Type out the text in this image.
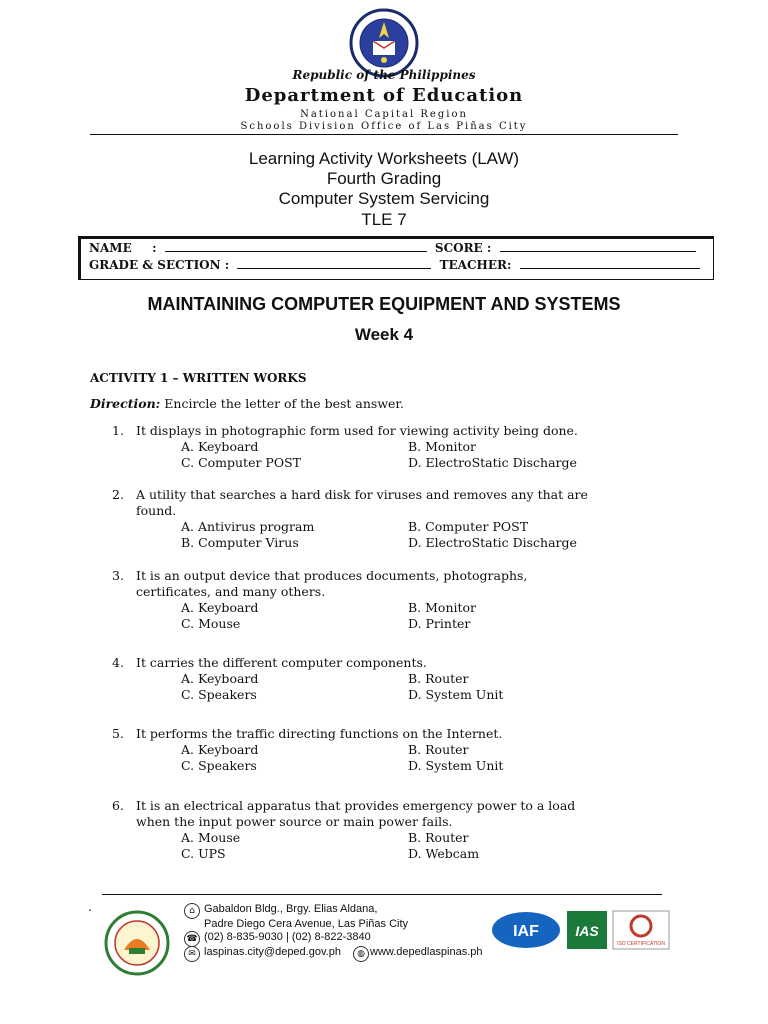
Republic of the Philippines
Department of Education
National Capital Region
Schools Division Office of Las Piñas City
Learning Activity Worksheets (LAW)
Fourth Grading
Computer System Servicing
TLE 7
NAME :	SCORE :
GRADE & SECTION :	TEACHER:
MAINTAINING COMPUTER EQUIPMENT AND SYSTEMS
Week 4
ACTIVITY 1 – WRITTEN WORKS
Direction: Encircle the letter of the best answer.
1. It displays in photographic form used for viewing activity being done.
A. Keyboard	B. Monitor
C. Computer POST	D. ElectroStatic Discharge
2. A utility that searches a hard disk for viruses and removes any that are
found.
A. Antivirus program	B. Computer POST
B. Computer Virus	D. ElectroStatic Discharge
3. It is an output device that produces documents, photographs,
certificates, and many others.
A. Keyboard	B. Monitor
C. Mouse	D. Printer
4. It carries the different computer components.
A. Keyboard	B. Router
C. Speakers	D. System Unit
5. It performs the traffic directing functions on the Internet.
A. Keyboard	B. Router
C. Speakers	D. System Unit
6. It is an electrical apparatus that provides emergency power to a load
when the input power source or main power fails.
A. Mouse	B. Router
C. UPS	D. Webcam
.	⌂ Gabaldon Bldg., Brgy. Elias Aldana,
Padre Diego Cera Avenue, Las Piñas City
☎ (02) 8-835-9030 | (02) 8-822-3840
✉ laspinas.city@deped.gov.ph	◍ www.depedlaspinas.ph
IAF	IAS
ISO CERTIFICATION
